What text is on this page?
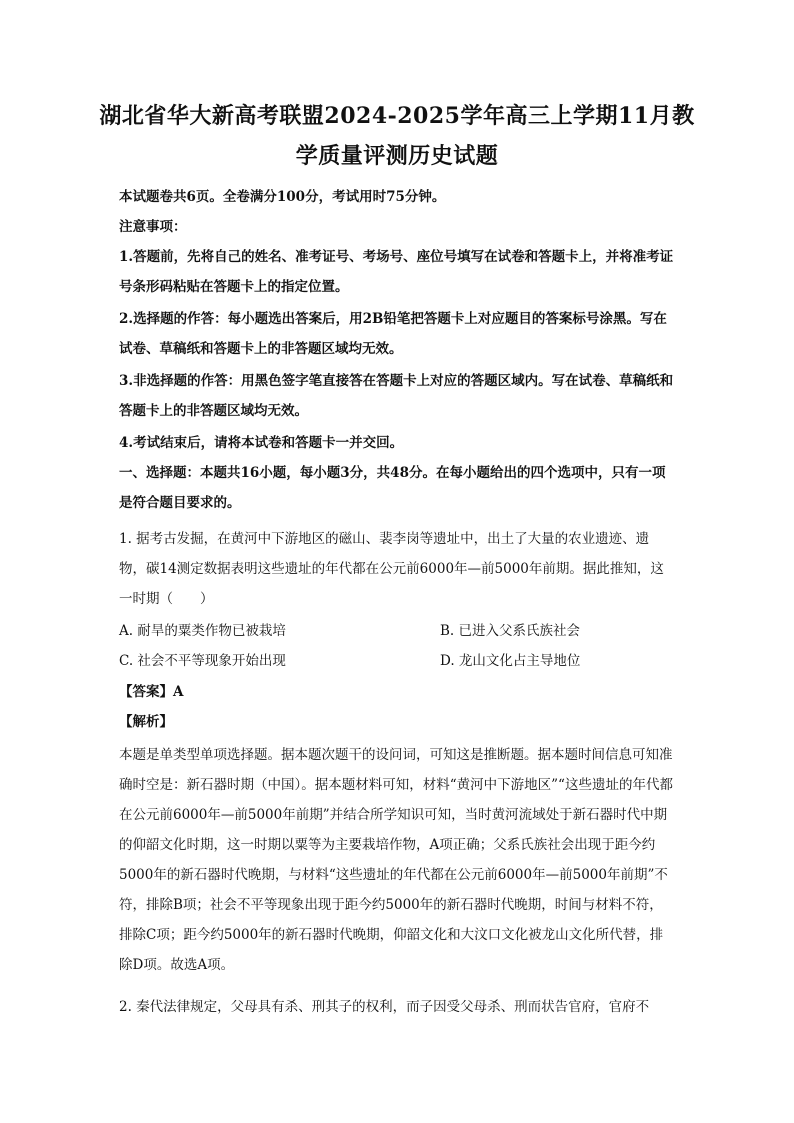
湖北省华大新高考联盟2024-2025学年高三上学期11月教
学质量评测历史试题
本试题卷共6页。全卷满分100分，考试用时75分钟。
注意事项：
1.答题前，先将自己的姓名、准考证号、考场号、座位号填写在试卷和答题卡上，并将准考证号条形码粘贴在答题卡上的指定位置。
2.选择题的作答：每小题选出答案后，用2B铅笔把答题卡上对应题目的答案标号涂黑。写在试卷、草稿纸和答题卡上的非答题区域均无效。
3.非选择题的作答：用黑色签字笔直接答在答题卡上对应的答题区域内。写在试卷、草稿纸和答题卡上的非答题区域均无效。
4.考试结束后，请将本试卷和答题卡一并交回。
一、选择题：本题共16小题，每小题3分，共48分。在每小题给出的四个选项中，只有一项是符合题目要求的。
1. 据考古发掘，在黄河中下游地区的磁山、裴李岗等遗址中，出土了大量的农业遗迹、遗物，碳14测定数据表明这些遗址的年代都在公元前6000年—前5000年前期。据此推知，这一时期（　　）
A. 耐旱的粟类作物已被栽培	B. 已进入父系氏族社会
C. 社会不平等现象开始出现	D. 龙山文化占主导地位
【答案】A
【解析】
本题是单类型单项选择题。据本题次题干的设问词，可知这是推断题。据本题时间信息可知准确时空是：新石器时期（中国）。据本题材料可知，材料“黄河中下游地区”“这些遗址的年代都在公元前6000年—前5000年前期”并结合所学知识可知，当时黄河流域处于新石器时代中期的仰韶文化时期，这一时期以粟等为主要栽培作物，A项正确；父系氏族社会出现于距今约5000年的新石器时代晚期，与材料“这些遗址的年代都在公元前6000年—前5000年前期”不符，排除B项；社会不平等现象出现于距今约5000年的新石器时代晚期，时间与材料不符，排除C项；距今约5000年的新石器时代晚期，仰韶文化和大汶口文化被龙山文化所代替，排除D项。故选A项。
2. 秦代法律规定，父母具有杀、刑其子的权利，而子因受父母杀、刑而状告官府，官府不
